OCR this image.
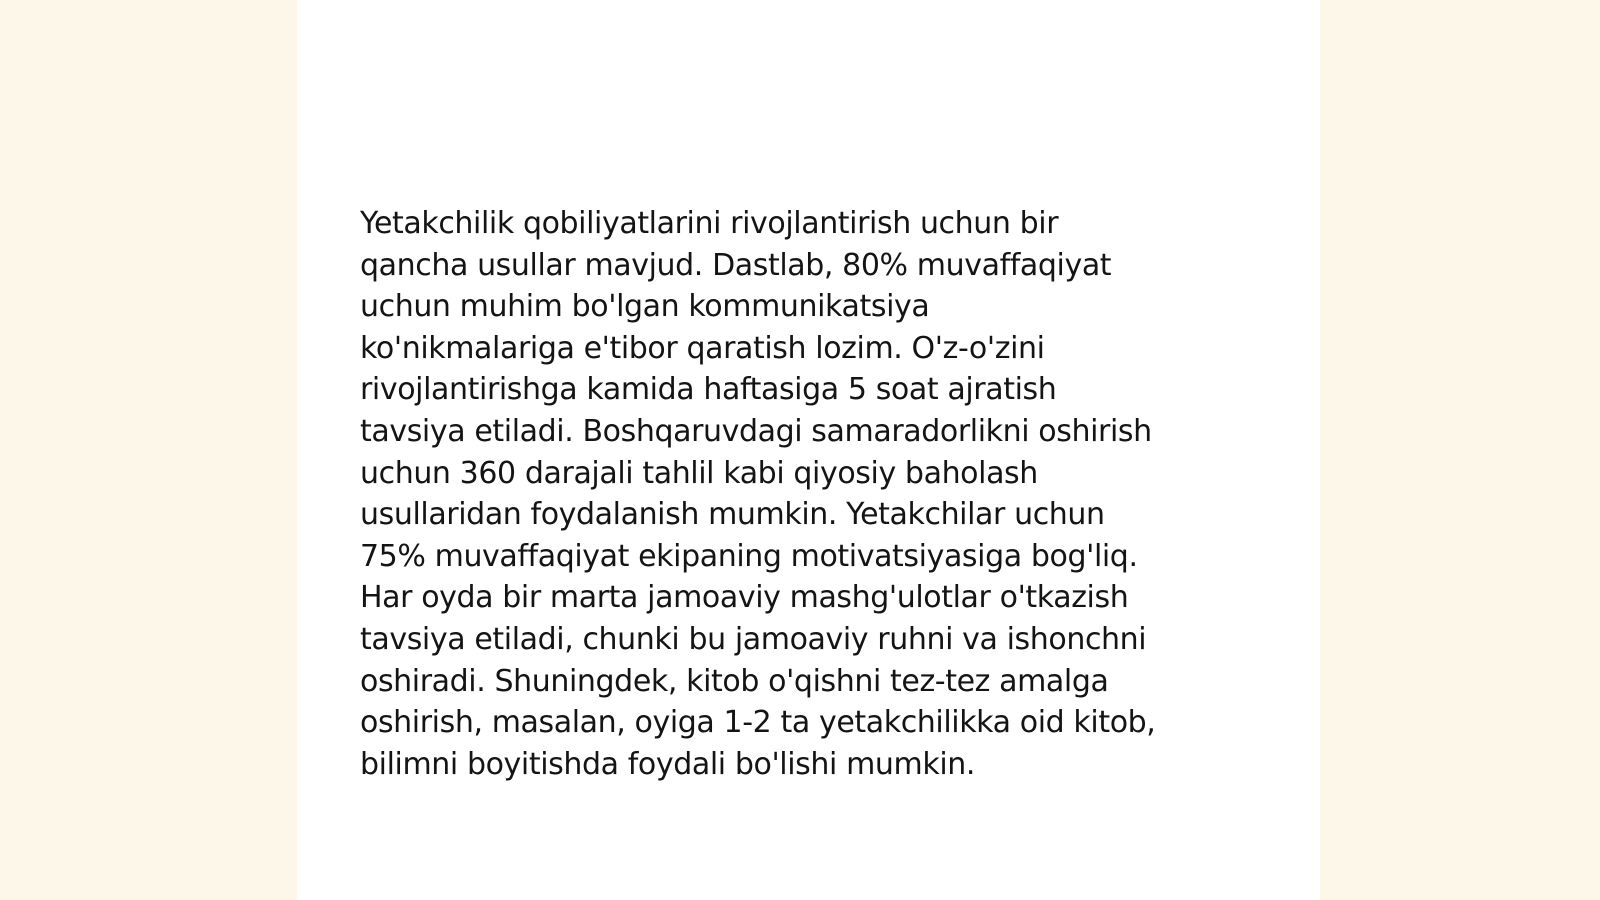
Yetakchilik qobiliyatlarini rivojlantirish uchun bir
qancha usullar mavjud. Dastlab, 80% muvaffaqiyat
uchun muhim bo'lgan kommunikatsiya
ko'nikmalariga e'tibor qaratish lozim. O'z-o'zini
rivojlantirishga kamida haftasiga 5 soat ajratish
tavsiya etiladi. Boshqaruvdagi samaradorlikni oshirish
uchun 360 darajali tahlil kabi qiyosiy baholash
usullaridan foydalanish mumkin. Yetakchilar uchun
75% muvaffaqiyat ekipaning motivatsiyasiga bog'liq.
Har oyda bir marta jamoaviy mashg'ulotlar o'tkazish
tavsiya etiladi, chunki bu jamoaviy ruhni va ishonchni
oshiradi. Shuningdek, kitob o'qishni tez-tez amalga
oshirish, masalan, oyiga 1-2 ta yetakchilikka oid kitob,
bilimni boyitishda foydali bo'lishi mumkin.
